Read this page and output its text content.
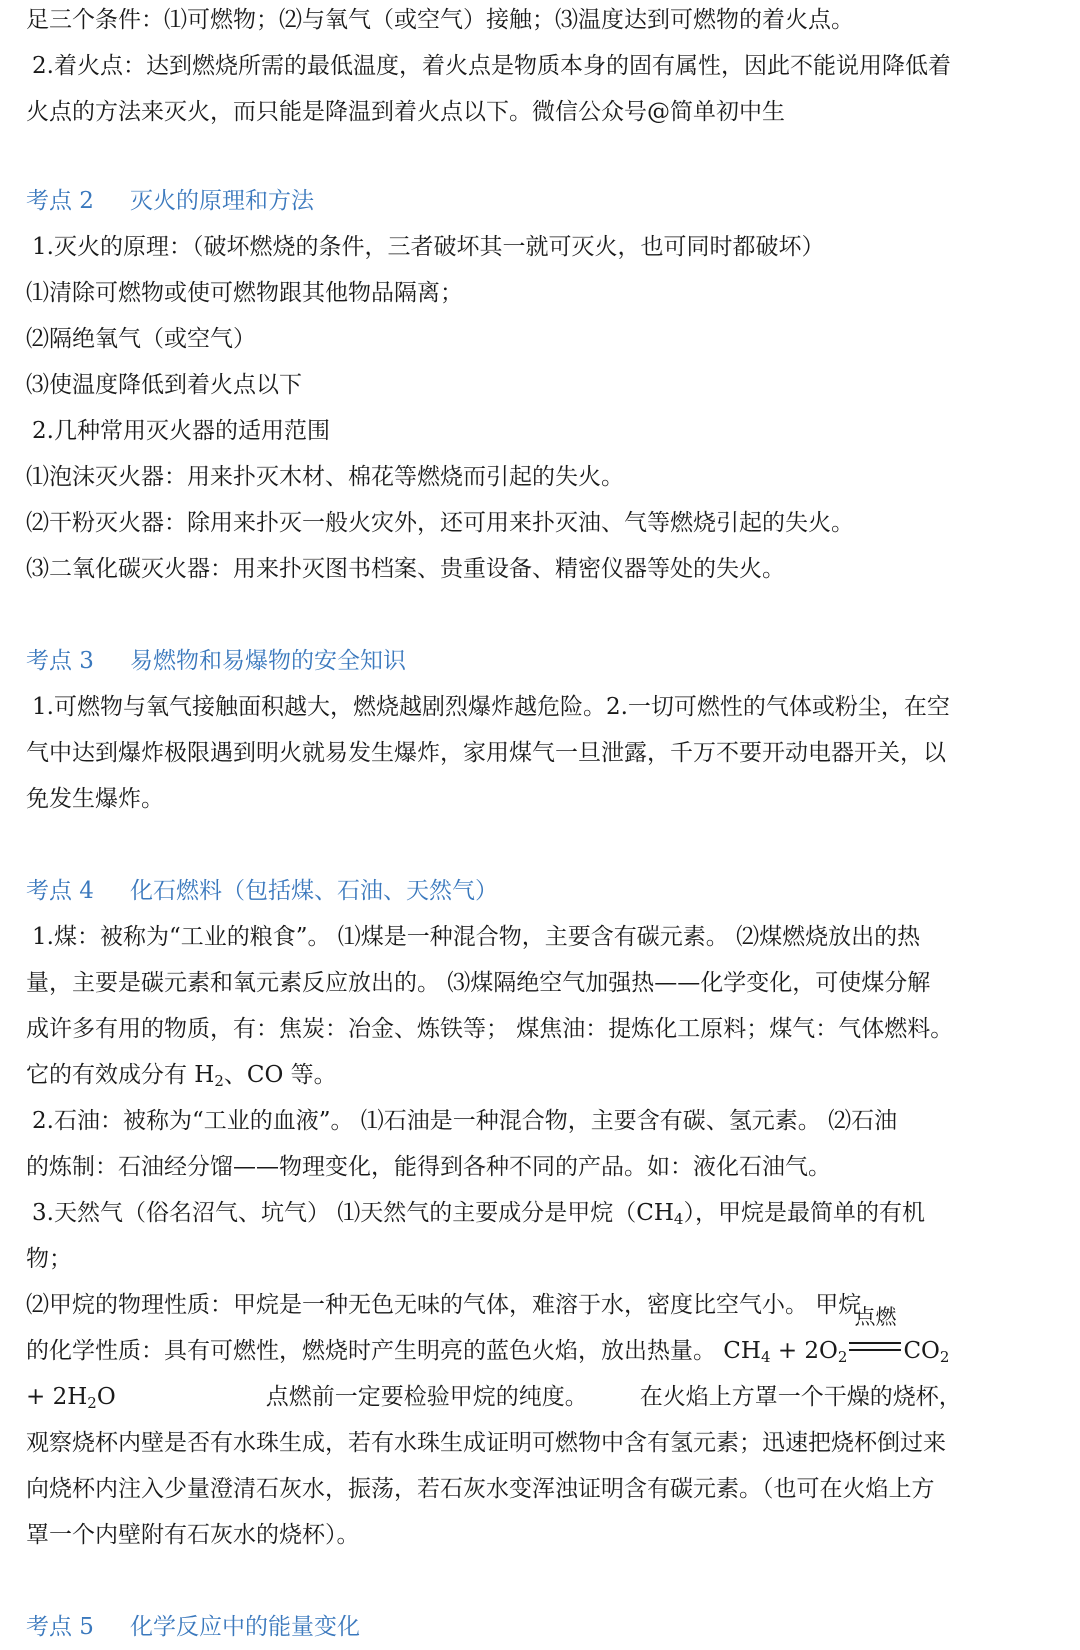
足三个条件：⑴可燃物；⑵与氧气（或空气）接触；⑶温度达到可燃物的着火点。
2.着火点：达到燃烧所需的最低温度，着火点是物质本身的固有属性，因此不能说用降低着
火点的方法来灭火，而只能是降温到着火点以下。微信公众号@简单初中生
考点 2 灭火的原理和方法
1.灭火的原理：（破坏燃烧的条件，三者破坏其一就可灭火，也可同时都破坏）
⑴清除可燃物或使可燃物跟其他物品隔离；
⑵隔绝氧气（或空气）
⑶使温度降低到着火点以下
2.几种常用灭火器的适用范围
⑴泡沫灭火器：用来扑灭木材、棉花等燃烧而引起的失火。
⑵干粉灭火器：除用来扑灭一般火灾外，还可用来扑灭油、气等燃烧引起的失火。
⑶二氧化碳灭火器：用来扑灭图书档案、贵重设备、精密仪器等处的失火。
考点 3 易燃物和易爆物的安全知识
1.可燃物与氧气接触面积越大，燃烧越剧烈爆炸越危险。2.一切可燃性的气体或粉尘，在空
气中达到爆炸极限遇到明火就易发生爆炸，家用煤气一旦泄露，千万不要开动电器开关，以
免发生爆炸。
考点 4 化石燃料（包括煤、石油、天然气）
1.煤：被称为“工业的粮食”。 ⑴煤是一种混合物，主要含有碳元素。 ⑵煤燃烧放出的热
量，主要是碳元素和氧元素反应放出的。 ⑶煤隔绝空气加强热——化学变化，可使煤分解
成许多有用的物质，有：焦炭：冶金、炼铁等； 煤焦油：提炼化工原料；煤气：气体燃料。
它的有效成分有 $H_2$、CO 等。
2.石油：被称为“工业的血液”。 ⑴石油是一种混合物，主要含有碳、氢元素。 ⑵石油
的炼制：石油经分馏——物理变化，能得到各种不同的产品。如：液化石油气。
3.天然气（俗名沼气、坑气） ⑴天然气的主要成分是甲烷$(CH_4)$，甲烷是最简单的有机
物；
⑵甲烷的物理性质：甲烷是一种无色无味的气体，难溶于水，密度比空气小。 甲烷
的化学性质：具有可燃性，燃烧时产生明亮的蓝色火焰，放出热量。 $CH_4 + 2O_2$
点燃
$CO_2$
+ $2H_2O$	点燃前一定要检验甲烷的纯度。 在火焰上方罩一个干燥的烧杯，
观察烧杯内壁是否有水珠生成，若有水珠生成证明可燃物中含有氢元素；迅速把烧杯倒过来
向烧杯内注入少量澄清石灰水，振荡，若石灰水变浑浊证明含有碳元素。（也可在火焰上方
罩一个内壁附有石灰水的烧杯）。
考点 5 化学反应中的能量变化
